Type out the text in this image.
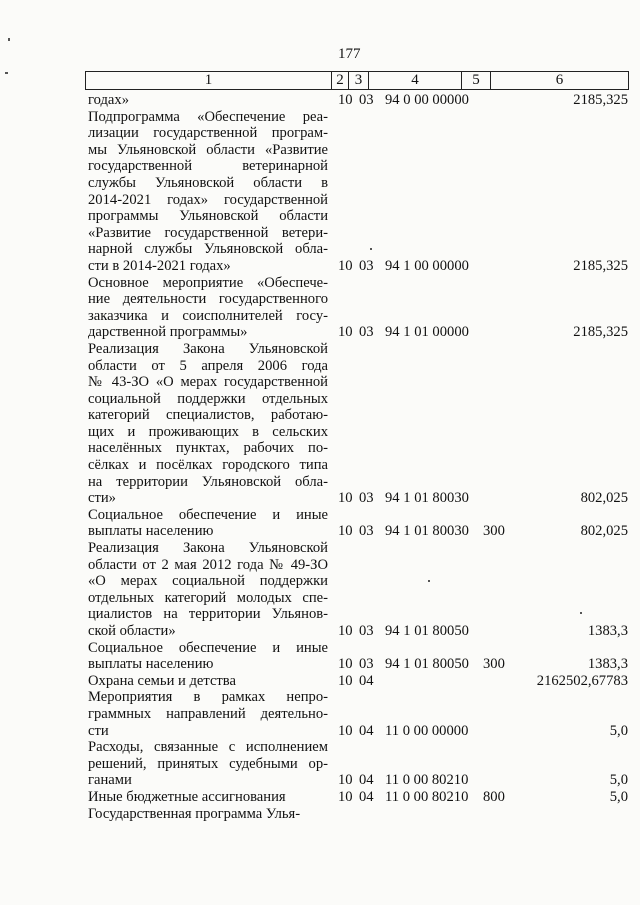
177
1	2 3	4	5	6
годах»	10 03 94 0 00 00000	2185,325
Подпрограмма «Обеспечение реа-
лизации государственной програм-
мы Ульяновской области «Развитие
государственной ветеринарной
службы Ульяновской области в
2014-2021 годах» государственной
программы Ульяновской области
«Развитие государственной ветери-
нарной службы Ульяновской обла-
сти в 2014-2021 годах»	10 03 94 1 00 00000	2185,325
Основное мероприятие «Обеспече-
ние деятельности государственного
заказчика и соисполнителей госу-
дарственной программы»	10 03 94 1 01 00000	2185,325
Реализация Закона Ульяновской
области от 5 апреля 2006 года
№ 43-ЗО «О мерах государственной
социальной поддержки отдельных
категорий специалистов, работаю-
щих и проживающих в сельских
населённых пунктах, рабочих по-
сёлках и посёлках городского типа
на территории Ульяновской обла-
сти»	10 03 94 1 01 80030	802,025
Социальное обеспечение и иные
выплаты населению	10 03 94 1 01 80030 300	802,025
Реализация Закона Ульяновской
области от 2 мая 2012 года № 49-ЗО
«О мерах социальной поддержки
отдельных категорий молодых спе-
циалистов на территории Ульянов-
ской области»	10 03 94 1 01 80050	1383,3
Социальное обеспечение и иные
выплаты населению	10 03 94 1 01 80050 300	1383,3
Охрана семьи и детства	10 04	2162502,67783
Мероприятия в рамках непро-
граммных направлений деятельно-
сти	10 04 11 0 00 00000	5,0
Расходы, связанные с исполнением
решений, принятых судебными ор-
ганами	10 04 11 0 00 80210	5,0
Иные бюджетные ассигнования	10 04 11 0 00 80210 800	5,0
Государственная программа Улья-
